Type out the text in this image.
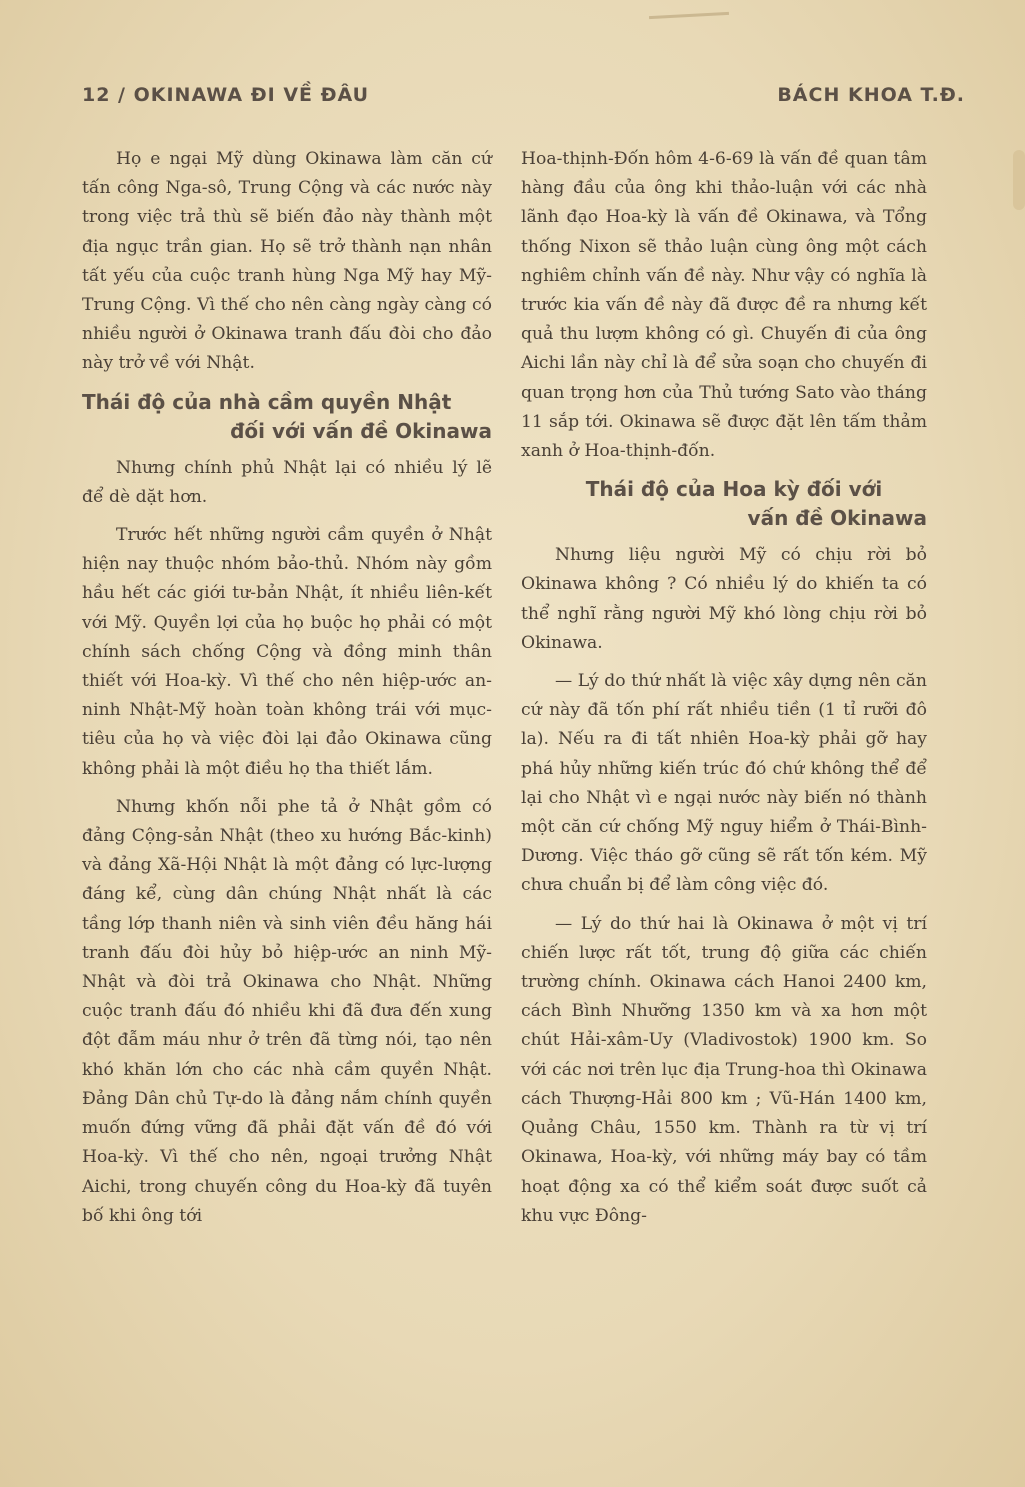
12 / OKINAWA ĐI VỀ ĐÂU	BÁCH KHOA T.Đ.

Họ e ngại Mỹ dùng Okinawa làm căn cứ tấn công Nga-sô, Trung Cộng và các nước này trong việc trả thù sẽ biến đảo này thành một địa ngục trần gian. Họ sẽ trở thành nạn nhân tất yếu của cuộc tranh hùng Nga Mỹ hay Mỹ-Trung Cộng. Vì thế cho nên càng ngày càng có nhiều người ở Okinawa tranh đấu đòi cho đảo này trở về với Nhật.

Thái độ của nhà cầm quyền Nhật
đối với vấn đề Okinawa

Nhưng chính phủ Nhật lại có nhiều lý lẽ để dè dặt hơn.

Trước hết những người cầm quyền ở Nhật hiện nay thuộc nhóm bảo-thủ. Nhóm này gồm hầu hết các giới tư-bản Nhật, ít nhiều liên-kết với Mỹ. Quyền lợi của họ buộc họ phải có một chính sách chống Cộng và đồng minh thân thiết với Hoa-kỳ. Vì thế cho nên hiệp-ước an-ninh Nhật-Mỹ hoàn toàn không trái với mục-tiêu của họ và việc đòi lại đảo Okinawa cũng không phải là một điều họ tha thiết lắm.

Nhưng khốn nỗi phe tả ở Nhật gồm có đảng Cộng-sản Nhật (theo xu hướng Bắc-kinh) và đảng Xã-Hội Nhật là một đảng có lực-lượng đáng kể, cùng dân chúng Nhật nhất là các tầng lớp thanh niên và sinh viên đều hăng hái tranh đấu đòi hủy bỏ hiệp-ước an ninh Mỹ-Nhật và đòi trả Okinawa cho Nhật. Những cuộc tranh đấu đó nhiều khi đã đưa đến xung đột đẫm máu như ở trên đã từng nói, tạo nên khó khăn lớn cho các nhà cầm quyền Nhật. Đảng Dân chủ Tự-do là đảng nắm chính quyền muốn đứng vững đã phải đặt vấn đề đó với Hoa-kỳ. Vì thế cho nên, ngoại trưởng Nhật Aichi, trong chuyến công du Hoa-kỳ đã tuyên bố khi ông tới

Hoa-thịnh-Đốn hôm 4-6-69 là vấn đề quan tâm hàng đầu của ông khi thảo-luận với các nhà lãnh đạo Hoa-kỳ là vấn đề Okinawa, và Tổng thống Nixon sẽ thảo luận cùng ông một cách nghiêm chỉnh vấn đề này. Như vậy có nghĩa là trước kia vấn đề này đã được đề ra nhưng kết quả thu lượm không có gì. Chuyến đi của ông Aichi lần này chỉ là để sửa soạn cho chuyến đi quan trọng hơn của Thủ tướng Sato vào tháng 11 sắp tới. Okinawa sẽ được đặt lên tấm thảm xanh ở Hoa-thịnh-đốn.

Thái độ của Hoa kỳ đối với
vấn đề Okinawa

Nhưng liệu người Mỹ có chịu rời bỏ Okinawa không ? Có nhiều lý do khiến ta có thể nghĩ rằng người Mỹ khó lòng chịu rời bỏ Okinawa.

— Lý do thứ nhất là việc xây dựng nên căn cứ này đã tốn phí rất nhiều tiền (1 tỉ rưỡi đô la). Nếu ra đi tất nhiên Hoa-kỳ phải gỡ hay phá hủy những kiến trúc đó chứ không thể để lại cho Nhật vì e ngại nước này biến nó thành một căn cứ chống Mỹ nguy hiểm ở Thái-Bình-Dương. Việc tháo gỡ cũng sẽ rất tốn kém. Mỹ chưa chuẩn bị để làm công việc đó.

— Lý do thứ hai là Okinawa ở một vị trí chiến lược rất tốt, trung độ giữa các chiến trường chính. Okinawa cách Hanoi 2400 km, cách Bình Nhưỡng 1350 km và xa hơn một chút Hải-xâm-Uy (Vladivostok) 1900 km. So với các nơi trên lục địa Trung-hoa thì Okinawa cách Thượng-Hải 800 km ; Vũ-Hán 1400 km, Quảng Châu, 1550 km. Thành ra từ vị trí Okinawa, Hoa-kỳ, với những máy bay có tầm hoạt động xa có thể kiểm soát được suốt cả khu vực Đông-
